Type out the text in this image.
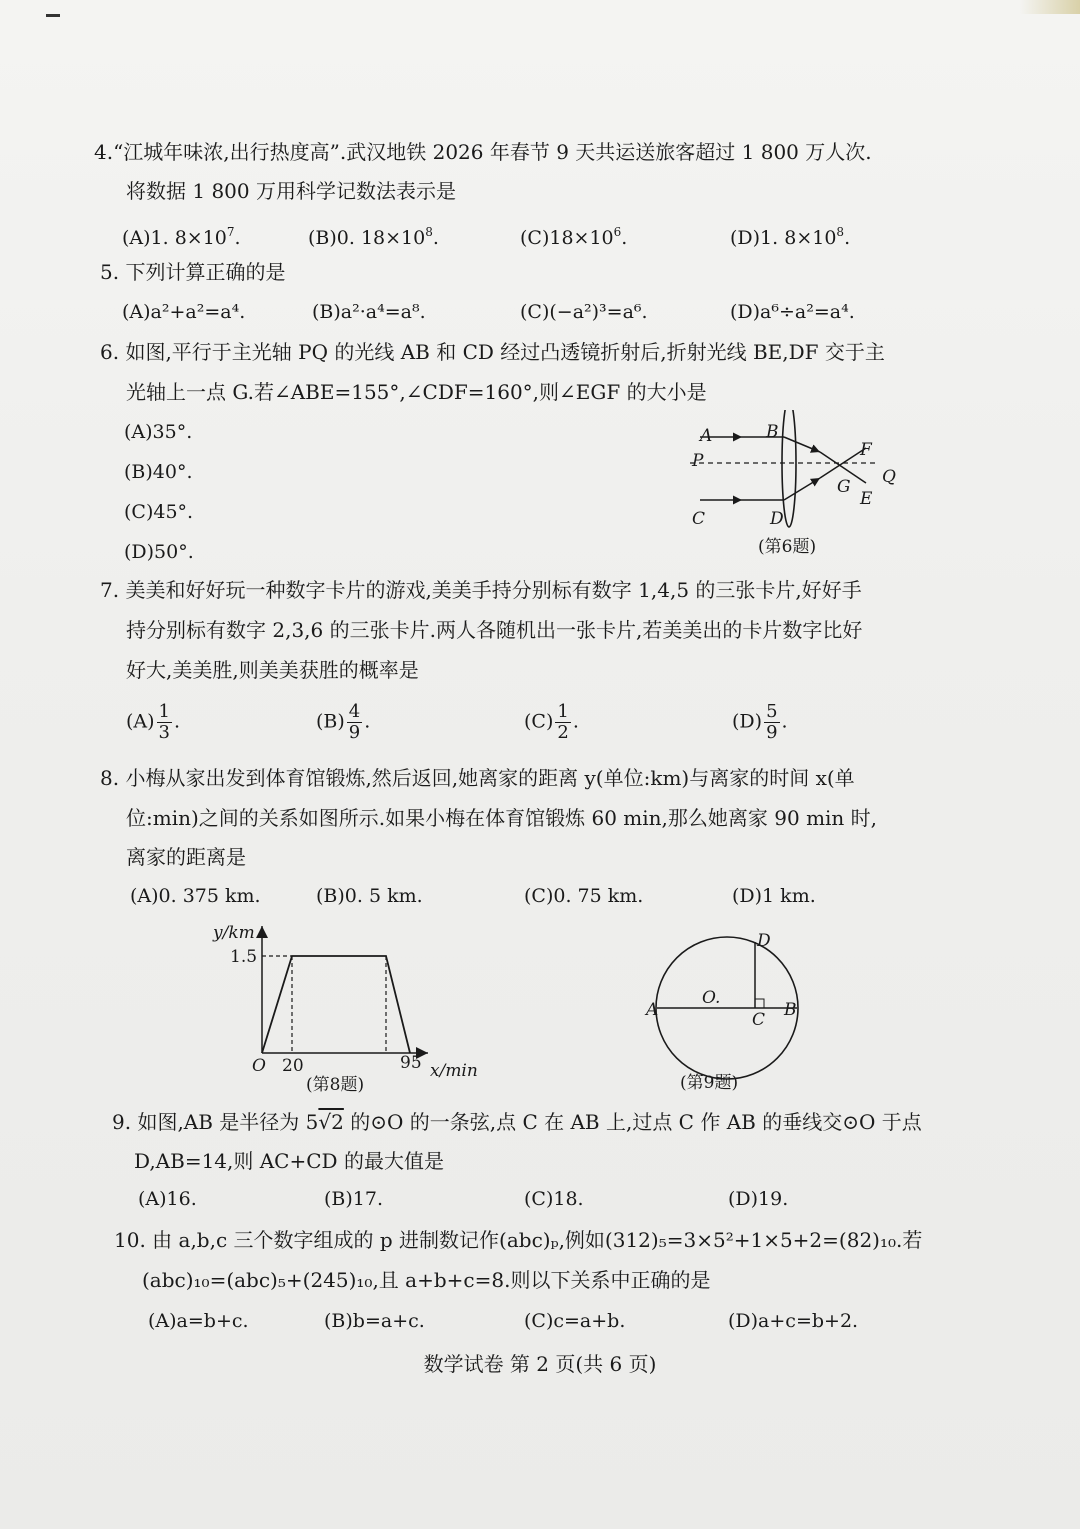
4.“江城年味浓,出行热度高”.武汉地铁 2026 年春节 9 天共运送旅客超过 1 800 万人次.
将数据 1 800 万用科学记数法表示是
(A)1. $8\times 10^7$.	(B)0. $18\times 10^8$.	$(C)18\times 10^6$.	(D)1. $8\times 10^8$.
5. 下列计算正确的是
(A)a²+a²=a⁴.	(B)a²·a⁴=a⁸.	(C)(−a²)³=a⁶.	(D)a⁶÷a²=a⁴.
6. 如图,平行于主光轴 PQ 的光线 AB 和 CD 经过凸透镜折射后,折射光线 BE,DF 交于主
光轴上一点 G.若∠ABE=155°,∠CDF=160°,则∠EGF 的大小是
(A)35°.
(B)40°.
(C)45°.
(D)50°.
A	B
P
C	D
F
G
E
Q
(第6题)
7. 美美和好好玩一种数字卡片的游戏,美美手持分别标有数字 1,4,5 的三张卡片,好好手
持分别标有数字 2,3,6 的三张卡片.两人各随机出一张卡片,若美美出的卡片数字比好
好大,美美胜,则美美获胜的概率是
$(A) \frac{1}{3}$ .	$(B) \frac{4}{9}$ .	$(C) \frac{1}{2}$ .	$(D) \frac{5}{9}$ .
8. 小梅从家出发到体育馆锻炼,然后返回,她离家的距离 y(单位:km)与离家的时间 x(单
位:min)之间的关系如图所示.如果小梅在体育馆锻炼 60 min,那么她离家 90 min 时,
离家的距离是
(A)0. 375 km.	(B)0. 5 km.	(C)0. 75 km.	(D)1 km.
y/km
1.5
O 20	95 x/min
(第8题)
D
O.
A	C B
(第9题)
9. 如图,AB 是半径为 5√2 的⊙O 的一条弦,点 C 在 AB 上,过点 C 作 AB 的垂线交⊙O 于点
D,AB=14,则 AC+CD 的最大值是
(A)16.	(B)17.	(C)18.	(D)19.
10. 由 a,b,c 三个数字组成的 p 进制数记作(abc)ₚ,例如(312)₅=3×5²+1×5+2=(82)₁₀.若
(abc)₁₀=(abc)₅+(245)₁₀,且 a+b+c=8.则以下关系中正确的是
(A)a=b+c.	(B)b=a+c.	(C)c=a+b.	(D)a+c=b+2.
数学试卷 第 2 页(共 6 页)
